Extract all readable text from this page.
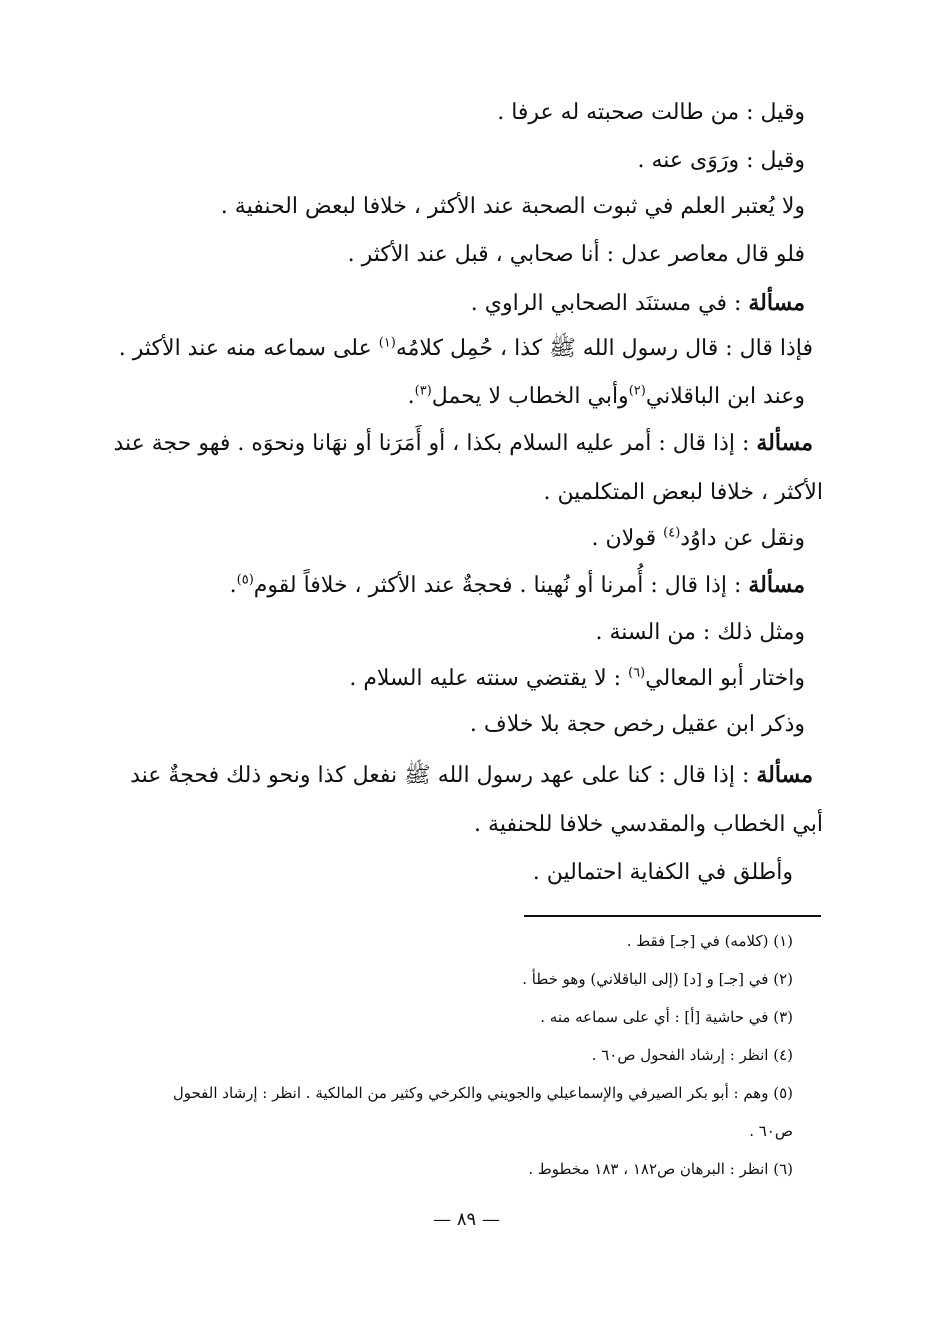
وقيل : من طالت صحبته له عرفا .
وقيل : ورَوَى عنه .
ولا يُعتبر العلم في ثبوت الصحبة عند الأكثر ، خلافا لبعض الحنفية .
فلو قال معاصر عدل : أنا صحابي ، قبل عند الأكثر .
مسألة : في مستنَد الصحابي الراوي .
فإذا قال : قال رسول الله ﷺ كذا ، حُمِل كلامُه$^{(١)}$ على سماعه منه عند الأكثر .
وعند ابن الباقلاني$^{(٢)}$وأبي الخطاب لا يحمل$^{(٣)}$.
مسألة : إذا قال : أمر عليه السلام بكذا ، أو أَمَرَنا أو نهَانا ونحوَه . فهو حجة عند
الأكثر ، خلافا لبعض المتكلمين .
ونقل عن داوُد$^{(٤)}$ قولان .
مسألة : إذا قال : أُمرنا أو نُهينا . فحجةٌ عند الأكثر ، خلافاً لقوم$^{(٥)}$.
ومثل ذلك : من السنة .
واختار أبو المعالي$^{(٦)}$ : لا يقتضي سنته عليه السلام .
وذكر ابن عقيل رخص حجة بلا خلاف .
مسألة : إذا قال : كنا على عهد رسول الله ﷺ نفعل كذا ونحو ذلك فحجةٌ عند
أبي الخطاب والمقدسي خلافا للحنفية .
وأطلق في الكفاية احتمالين .
(١) (كلامه) في [جـ] فقط .
(٢) في [جـ] و [د] (إلى الباقلاني) وهو خطأ .
(٣) في حاشية [أ] : أي على سماعه منه .
(٤) انظر : إرشاد الفحول ص٦٠ .
(٥) وهم : أبو بكر الصيرفي والإسماعيلي والجويني والكرخي وكثير من المالكية . انظر : إرشاد الفحول
ص٦٠ .
(٦) انظر : البرهان ص١٨٢ ، ١٨٣ مخطوط .
— ٨٩ —
